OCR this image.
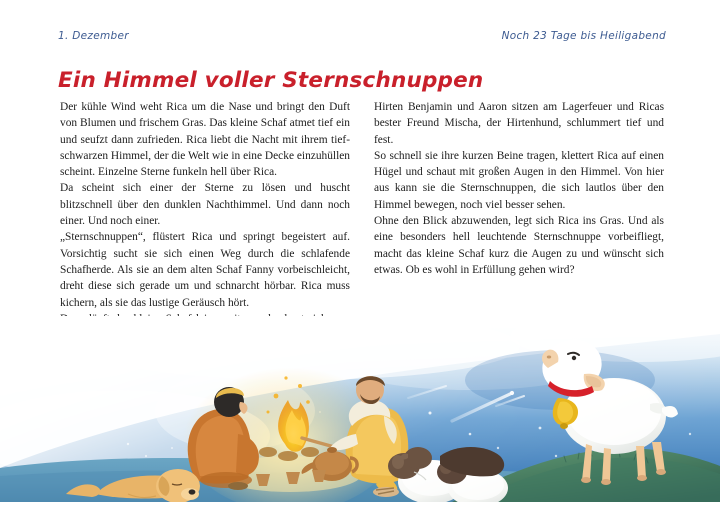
1. Dezember	Noch 23 Tage bis Heiligabend
Ein Himmel voller Sternschnuppen

Der kühle Wind weht Rica um die Nase und bringt den Duft von Blumen und frischem Gras. Das kleine Schaf atmet tief ein und seufzt dann zufrieden. Rica liebt die Nacht mit ihrem tiefschwarzen Himmel, der die Welt wie in eine Decke einzuhüllen scheint. Einzelne Sterne funkeln hell über Rica.

Da scheint sich einer der Sterne zu lösen und huscht blitzschnell über den dunklen Nachthimmel. Und dann noch einer. Und noch einer.

„Sternschnuppen“, flüstert Rica und springt begeistert auf. Vorsichtig sucht sie sich einen Weg durch die schlafende Schafherde. Als sie an dem alten Schaf Fanny vorbeischleicht, dreht diese sich gerade um und schnarcht hörbar. Rica muss kichern, als sie das lustige Geräusch hört.

Hirten Benjamin und Aaron sitzen am Lagerfeuer und Ricas bester Freund Mischa, der Hirtenhund, schlummert tief und fest.

So schnell sie ihre kurzen Beine tragen, klettert Rica auf einen Hügel und schaut mit großen Augen in den Himmel. Von hier aus kann sie die Sternschnuppen, die sich lautlos über den Himmel bewegen, noch viel besser sehen.

Ohne den Blick abzuwenden, legt sich Rica ins Gras. Und als eine besonders hell leuchtende Sternschnuppe vorbeifliegt, macht das kleine Schaf kurz die Augen zu und wünscht sich etwas. Ob es wohl in Erfüllung gehen wird?
